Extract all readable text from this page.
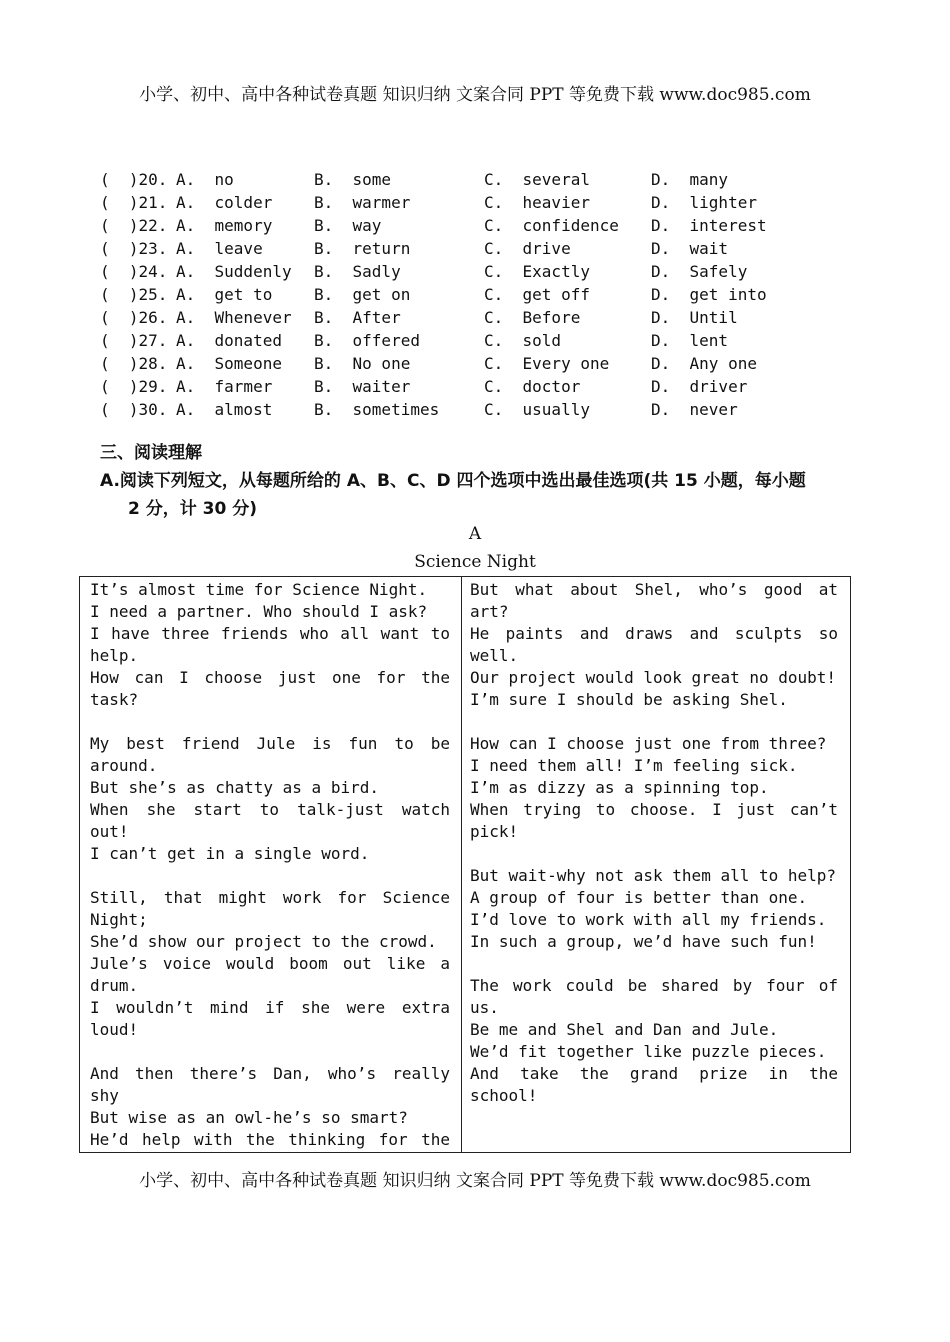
小学、初中、高中各种试卷真题 知识归纳 文案合同 PPT 等免费下载 www.doc985.com
(  )20. A.  no	B.  some	C.  several	D.  many
(  )21. A.  colder	B.  warmer	C.  heavier	D.  lighter
(  )22. A.  memory	B.  way	C.  confidence D.  interest
(  )23. A.  leave	B.  return	C.  drive	D.  wait
(  )24. A.  Suddenly B.  Sadly	C.  Exactly	D.  Safely
(  )25. A.  get to	B.  get on	C.  get off	D.  get into
(  )26. A.  Whenever B.  After	C.  Before	D.  Until
(  )27. A.  donated B.  offered	C.  sold	D.  lent
(  )28. A.  Someone B.  No one	C.  Every one	D.  Any one
(  )29. A.  farmer	B.  waiter	C.  doctor	D.  driver
(  )30. A.  almost	B.  sometimes	C.  usually	D.  never
三、阅读理解
A.阅读下列短文，从每题所给的 A、B、C、D 四个选项中选出最佳选项(共 15 小题，每小题
2 分，计 30 分)
A
Science Night
It’s almost time for Science Night.
I need a partner. Who should I ask?
I have three friends who all want to
help.
How can I choose just one for the
task?
My best friend Jule is fun to be
around.
But she’s as chatty as a bird.
When she start to talk-just watch
out!
I can’t get in a single word.
Still, that might work for Science
Night;
She’d show our project to the crowd.
Jule’s voice would boom out like a
drum.
I wouldn’t mind if she were extra
loud!
And then there’s Dan, who’s really
shy
But wise as an owl-he’s so smart?
He’d help with the thinking for the
But what about Shel, who’s good at
art?
He paints and draws and sculpts so
well.
Our project would look great no doubt!
I’m sure I should be asking Shel.
How can I choose just one from three?
I need them all! I’m feeling sick.
I’m as dizzy as a spinning top.
When trying to choose. I just can’t
pick!
But wait-why not ask them all to help?
A group of four is better than one.
I’d love to work with all my friends.
In such a group, we’d have such fun!
The work could be shared by four of
us.
Be me and Shel and Dan and Jule.
We’d fit together like puzzle pieces.
And take the grand prize in the
school!
小学、初中、高中各种试卷真题 知识归纳 文案合同 PPT 等免费下载 www.doc985.com
